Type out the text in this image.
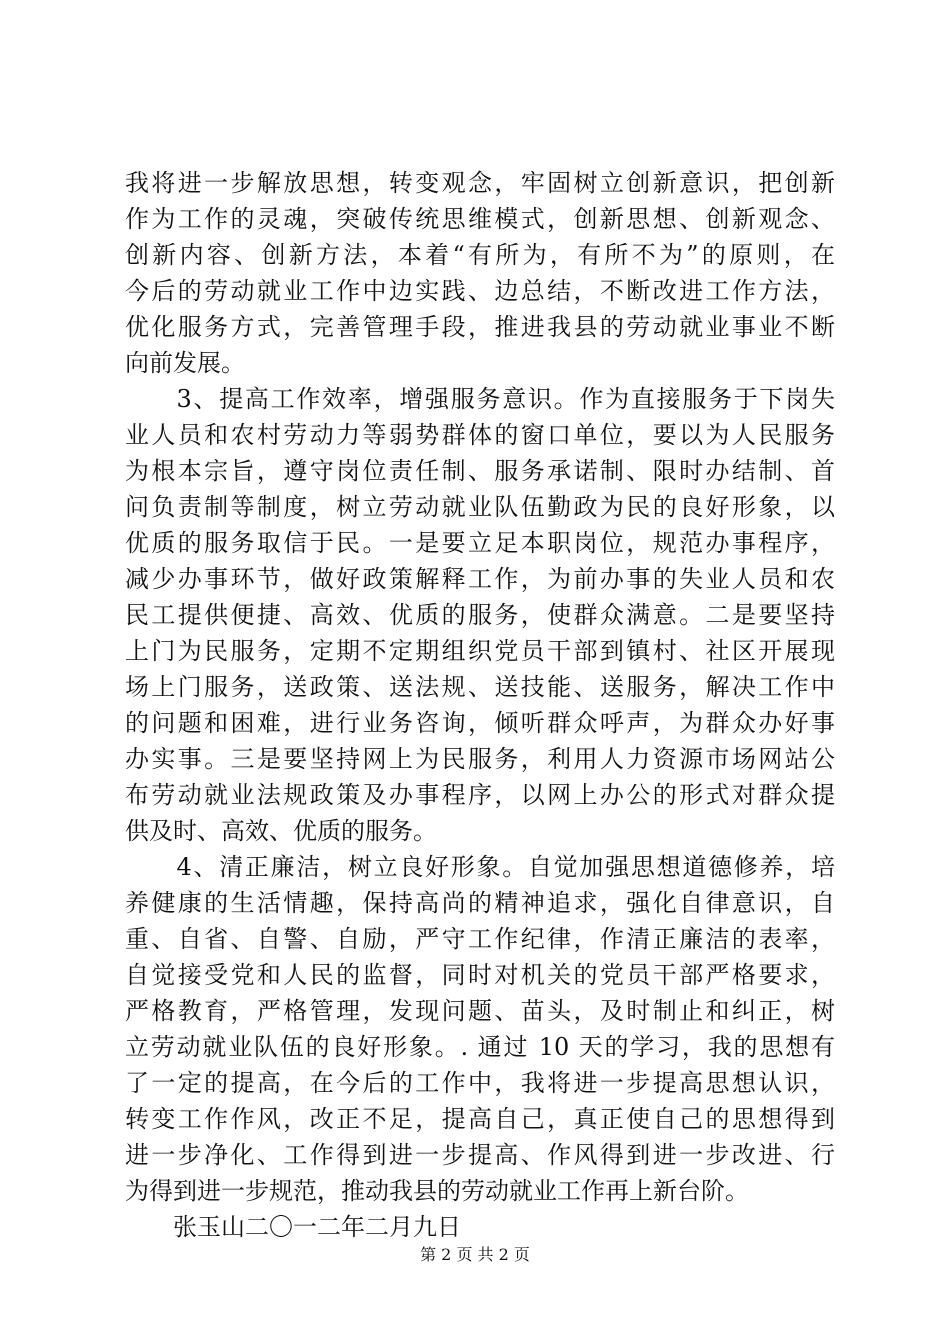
我将进一步解放思想，转变观念，牢固树立创新意识，把创新
作为工作的灵魂，突破传统思维模式，创新思想、创新观念、
创新内容、创新方法，本着“有所为，有所不为”的原则，在
今后的劳动就业工作中边实践、边总结，不断改进工作方法，
优化服务方式，完善管理手段，推进我县的劳动就业事业不断
向前发展。
　　3、提高工作效率，增强服务意识。作为直接服务于下岗失
业人员和农村劳动力等弱势群体的窗口单位，要以为人民服务
为根本宗旨，遵守岗位责任制、服务承诺制、限时办结制、首
问负责制等制度，树立劳动就业队伍勤政为民的良好形象，以
优质的服务取信于民。一是要立足本职岗位，规范办事程序，
减少办事环节，做好政策解释工作，为前办事的失业人员和农
民工提供便捷、高效、优质的服务，使群众满意。二是要坚持
上门为民服务，定期不定期组织党员干部到镇村、社区开展现
场上门服务，送政策、送法规、送技能、送服务，解决工作中
的问题和困难，进行业务咨询，倾听群众呼声，为群众办好事
办实事。三是要坚持网上为民服务，利用人力资源市场网站公
布劳动就业法规政策及办事程序，以网上办公的形式对群众提
供及时、高效、优质的服务。
　　4、清正廉洁，树立良好形象。自觉加强思想道德修养，培
养健康的生活情趣，保持高尚的精神追求，强化自律意识，自
重、自省、自警、自励，严守工作纪律，作清正廉洁的表率，
自觉接受党和人民的监督，同时对机关的党员干部严格要求，
严格教育，严格管理，发现问题、苗头，及时制止和纠正，树
立劳动就业队伍的良好形象。. 通过 10 天的学习，我的思想有
了一定的提高，在今后的工作中，我将进一步提高思想认识，
转变工作作风，改正不足，提高自己，真正使自己的思想得到
进一步净化、工作得到进一步提高、作风得到进一步改进、行
为得到进一步规范，推动我县的劳动就业工作再上新台阶。
　　张玉山二〇一二年二月九日
第 2 页 共 2 页
